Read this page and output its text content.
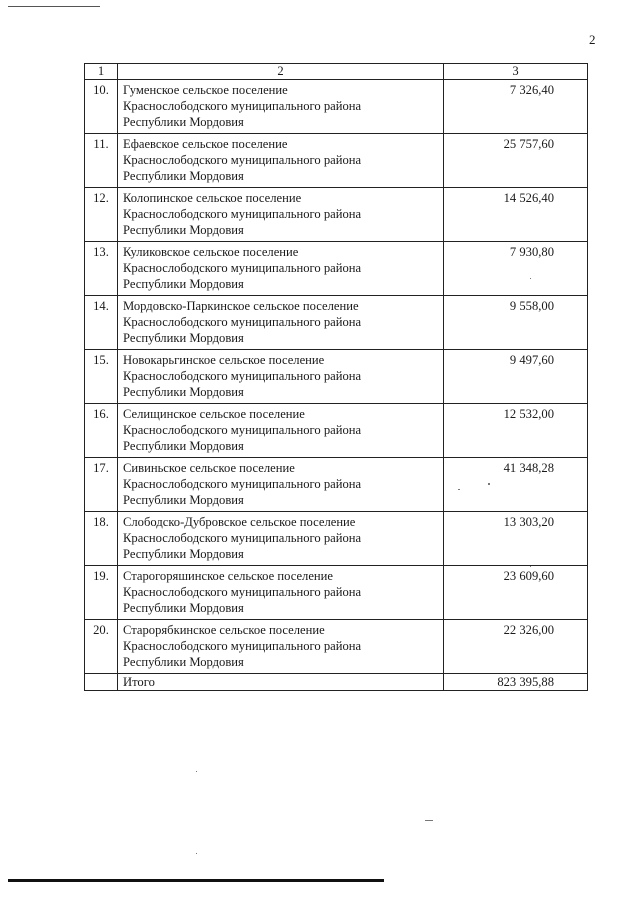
2
1	2	3
10.	Гуменское сельское поселение
Краснослободского муниципального района
Республики Мордовия	7 326,40
11.	Ефаевское сельское поселение
Краснослободского муниципального района
Республики Мордовия	25 757,60
12.	Колопинское сельское поселение
Краснослободского муниципального района
Республики Мордовия	14 526,40
13.	Куликовское сельское поселение
Краснослободского муниципального района
Республики Мордовия	7 930,80
14.	Мордовско-Паркинское сельское поселение
Краснослободского муниципального района
Республики Мордовия	9 558,00
15.	Новокарьгинское сельское поселение
Краснослободского муниципального района
Республики Мордовия	9 497,60
16.	Селищинское сельское поселение
Краснослободского муниципального района
Республики Мордовия	12 532,00
17.	Сивиньское сельское поселение
Краснослободского муниципального района
Республики Мордовия	41 348,28
18.	Слободско-Дубровское сельское поселение
Краснослободского муниципального района
Республики Мордовия	13 303,20
19.	Старогоряшинское сельское поселение
Краснослободского муниципального района
Республики Мордовия	23 609,60
20.	Старорябкинское сельское поселение
Краснослободского муниципального района
Республики Мордовия	22 326,00
	Итого	823 395,88
